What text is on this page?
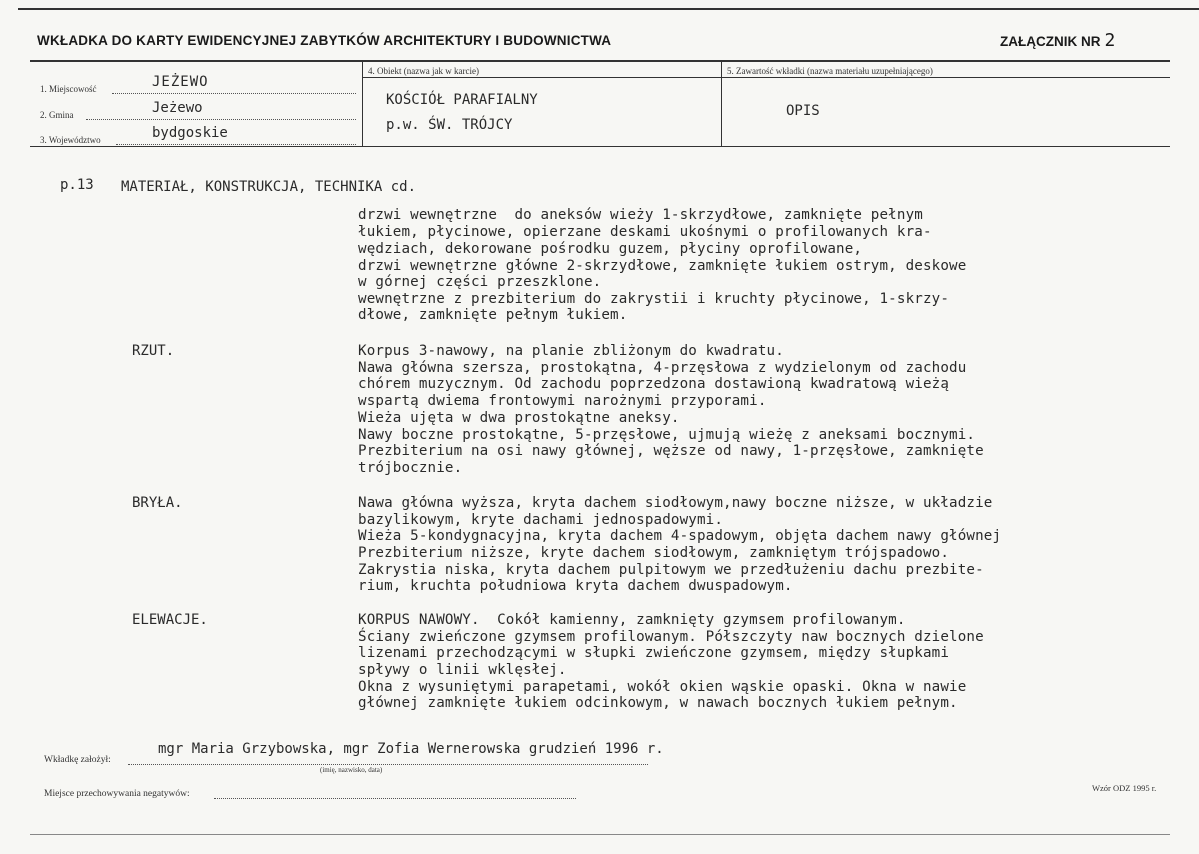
WKŁADKA DO KARTY EWIDENCYJNEJ ZABYTKÓW ARCHITEKTURY I BUDOWNICTWA	ZAŁĄCZNIK NR 2
1. Miejscowość	JEŻEWO
2. Gmina	Jeżewo
3. Województwo	bydgoskie
4. Obiekt (nazwa jak w karcie)
KOŚCIÓŁ PARAFIALNY
p.w. ŚW. TRÓJCY
5. Zawartość wkładki (nazwa materiału uzupełniającego)
OPIS
p.13 MATERIAŁ, KONSTRUKCJA, TECHNIKA cd.
drzwi wewnętrzne  do aneksów wieży 1-skrzydłowe, zamknięte pełnym
łukiem, płycinowe, opierzane deskami ukośnymi o profilowanych kra-
wędziach, dekorowane pośrodku guzem, płyciny oprofilowane,
drzwi wewnętrzne główne 2-skrzydłowe, zamknięte łukiem ostrym, deskowe
w górnej części przeszklone.
wewnętrzne z prezbiterium do zakrystii i kruchty płycinowe, 1-skrzy-
dłowe, zamknięte pełnym łukiem.
RZUT.	Korpus 3-nawowy, na planie zbliżonym do kwadratu.
Nawa główna szersza, prostokątna, 4-przęsłowa z wydzielonym od zachodu
chórem muzycznym. Od zachodu poprzedzona dostawioną kwadratową wieżą
wspartą dwiema frontowymi narożnymi przyporami.
Wieża ujęta w dwa prostokątne aneksy.
Nawy boczne prostokątne, 5-przęsłowe, ujmują wieżę z aneksami bocznymi.
Prezbiterium na osi nawy głównej, węższe od nawy, 1-przęsłowe, zamknięte
trójbocznie.
BRYŁA.	Nawa główna wyższa, kryta dachem siodłowym,nawy boczne niższe, w układzie
bazylikowym, kryte dachami jednospadowymi.
Wieża 5-kondygnacyjna, kryta dachem 4-spadowym, objęta dachem nawy głównej
Prezbiterium niższe, kryte dachem siodłowym, zamkniętym trójspadowo.
Zakrystia niska, kryta dachem pulpitowym we przedłużeniu dachu prezbite-
rium, kruchta południowa kryta dachem dwuspadowym.
ELEWACJE.	KORPUS NAWOWY.  Cokół kamienny, zamknięty gzymsem profilowanym.
Ściany zwieńczone gzymsem profilowanym. Półszczyty naw bocznych dzielone
lizenami przechodzącymi w słupki zwieńczone gzymsem, między słupkami
spływy o linii wklęsłej.
Okna z wysuniętymi parapetami, wokół okien wąskie opaski. Okna w nawie
głównej zamknięte łukiem odcinkowym, w nawach bocznych łukiem pełnym.
Wkładkę założył:
mgr Maria Grzybowska, mgr Zofia Wernerowska grudzień 1996 r.
(imię, nazwisko, data)
Miejsce przechowywania negatywów:
Wzór ODZ 1995 r.
